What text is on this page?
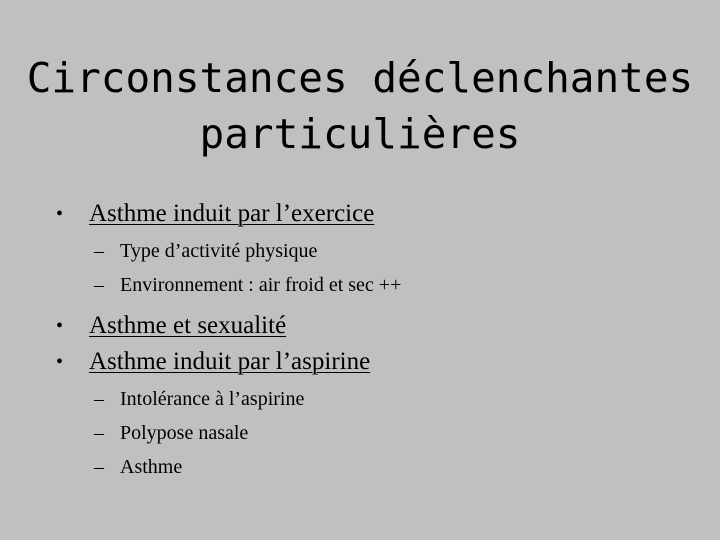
Circonstances déclenchantes
particulières
• Asthme induit par l’exercice
– Type d’activité physique
– Environnement : air froid et sec ++
• Asthme et sexualité
• Asthme induit par l’aspirine
– Intolérance à l’aspirine
– Polypose nasale
– Asthme
